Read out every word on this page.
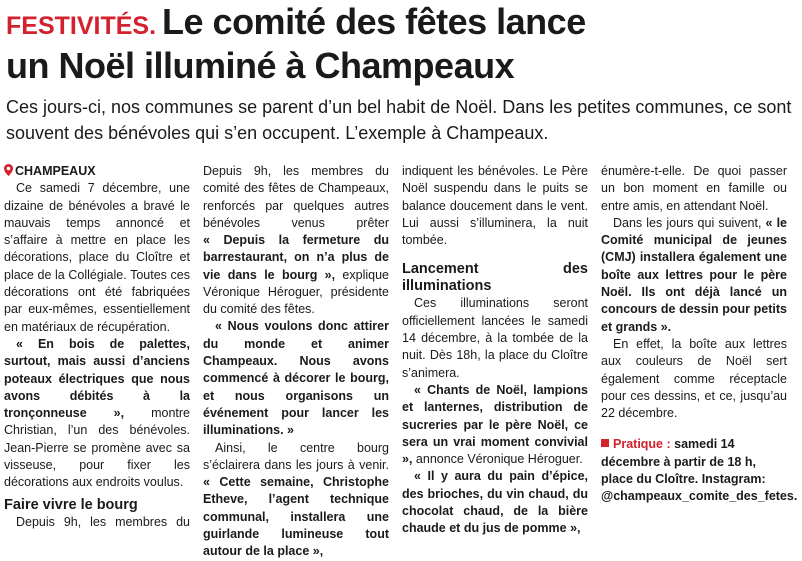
FESTIVITÉS. Le comité des fêtes lance
un Noël illuminé à Champeaux

Ces jours-ci, nos communes se parent d’un bel habit de Noël. Dans les petites communes, ce sont souvent des bénévoles qui s’en occupent. L’exemple à Champeaux.

CHAMPEAUX

Ce samedi 7 décembre, une dizaine de bénévoles a bravé le mauvais temps annoncé et s’affaire à mettre en place les décorations, place du Cloître et place de la Collégiale. Toutes ces décorations ont été fabriquées par eux-mêmes, essentiellement en matériaux de récupération.

« En bois de palettes, surtout, mais aussi d’anciens poteaux électriques que nous avons débités à la tronçonneuse », montre Christian, l’un des bénévoles. Jean-Pierre se promène avec sa visseuse, pour fixer les décorations aux endroits voulus.

Faire vivre le bourg

Depuis 9h, les membres du

Depuis 9h, les membres du comité des fêtes de Champeaux, renforcés par quelques autres bénévoles venus prêter

« Depuis la fermeture du barrestaurant, on n’a plus de vie dans le bourg », explique Véronique Héroguer, présidente du comité des fêtes.

« Nous voulons donc attirer du monde et animer Champeaux. Nous avons commencé à décorer le bourg, et nous organisons un événement pour lancer les illuminations. »

Ainsi, le centre bourg s’éclairera dans les jours à venir. « Cette semaine, Christophe Etheve, l’agent technique communal, installera une guirlande lumineuse tout autour de la place »,

indiquent les bénévoles. Le Père Noël suspendu dans le puits se balance doucement dans le vent. Lui aussi s’illuminera, la nuit tombée.

Lancement des illuminations

Ces illuminations seront officiellement lancées le samedi 14 décembre, à la tombée de la nuit. Dès 18h, la place du Cloître s’animera.

« Chants de Noël, lampions et lanternes, distribution de sucreries par le père Noël, ce sera un vrai moment convivial », annonce Véronique Héroguer.

« Il y aura du pain d’épice, des brioches, du vin chaud, du chocolat chaud, de la bière chaude et du jus de pomme »,

énumère-t-elle. De quoi passer un bon moment en famille ou entre amis, en attendant Noël.

Dans les jours qui suivent, « le Comité municipal de jeunes (CMJ) installera également une boîte aux lettres pour le père Noël. Ils ont déjà lancé un concours de dessin pour petits et grands ».

En effet, la boîte aux lettres aux couleurs de Noël sert également comme réceptacle pour ces dessins, et ce, jusqu’au 22 décembre.

Pratique : samedi 14 décembre à partir de 18 h, place du Cloître. Instagram: @champeaux_comite_des_fetes.
